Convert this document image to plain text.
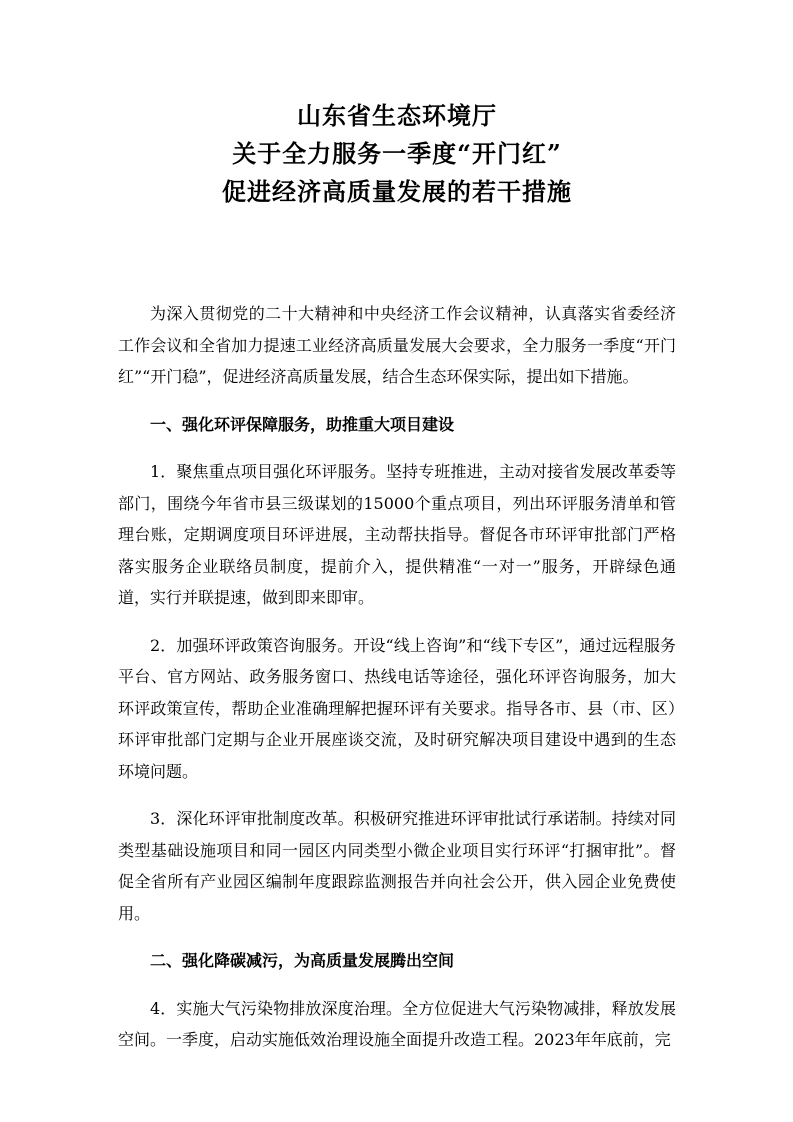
山东省生态环境厅
关于全力服务一季度“开门红”
促进经济高质量发展的若干措施

为深入贯彻党的二十大精神和中央经济工作会议精神，认真落实省委经济工作会议和全省加力提速工业经济高质量发展大会要求，全力服务一季度“开门红”“开门稳”，促进经济高质量发展，结合生态环保实际，提出如下措施。

一、强化环评保障服务，助推重大项目建设

1．聚焦重点项目强化环评服务。坚持专班推进，主动对接省发展改革委等部门，围绕今年省市县三级谋划的15000个重点项目，列出环评服务清单和管理台账，定期调度项目环评进展，主动帮扶指导。督促各市环评审批部门严格落实服务企业联络员制度，提前介入，提供精准“一对一”服务，开辟绿色通道，实行并联提速，做到即来即审。

2．加强环评政策咨询服务。开设“线上咨询”和“线下专区”，通过远程服务平台、官方网站、政务服务窗口、热线电话等途径，强化环评咨询服务，加大环评政策宣传，帮助企业准确理解把握环评有关要求。指导各市、县（市、区）环评审批部门定期与企业开展座谈交流，及时研究解决项目建设中遇到的生态环境问题。

3．深化环评审批制度改革。积极研究推进环评审批试行承诺制。持续对同类型基础设施项目和同一园区内同类型小微企业项目实行环评“打捆审批”。督促全省所有产业园区编制年度跟踪监测报告并向社会公开，供入园企业免费使用。

二、强化降碳减污，为高质量发展腾出空间

4．实施大气污染物排放深度治理。全方位促进大气污染物减排，释放发展空间。一季度，启动实施低效治理设施全面提升改造工程。2023年年底前，完
